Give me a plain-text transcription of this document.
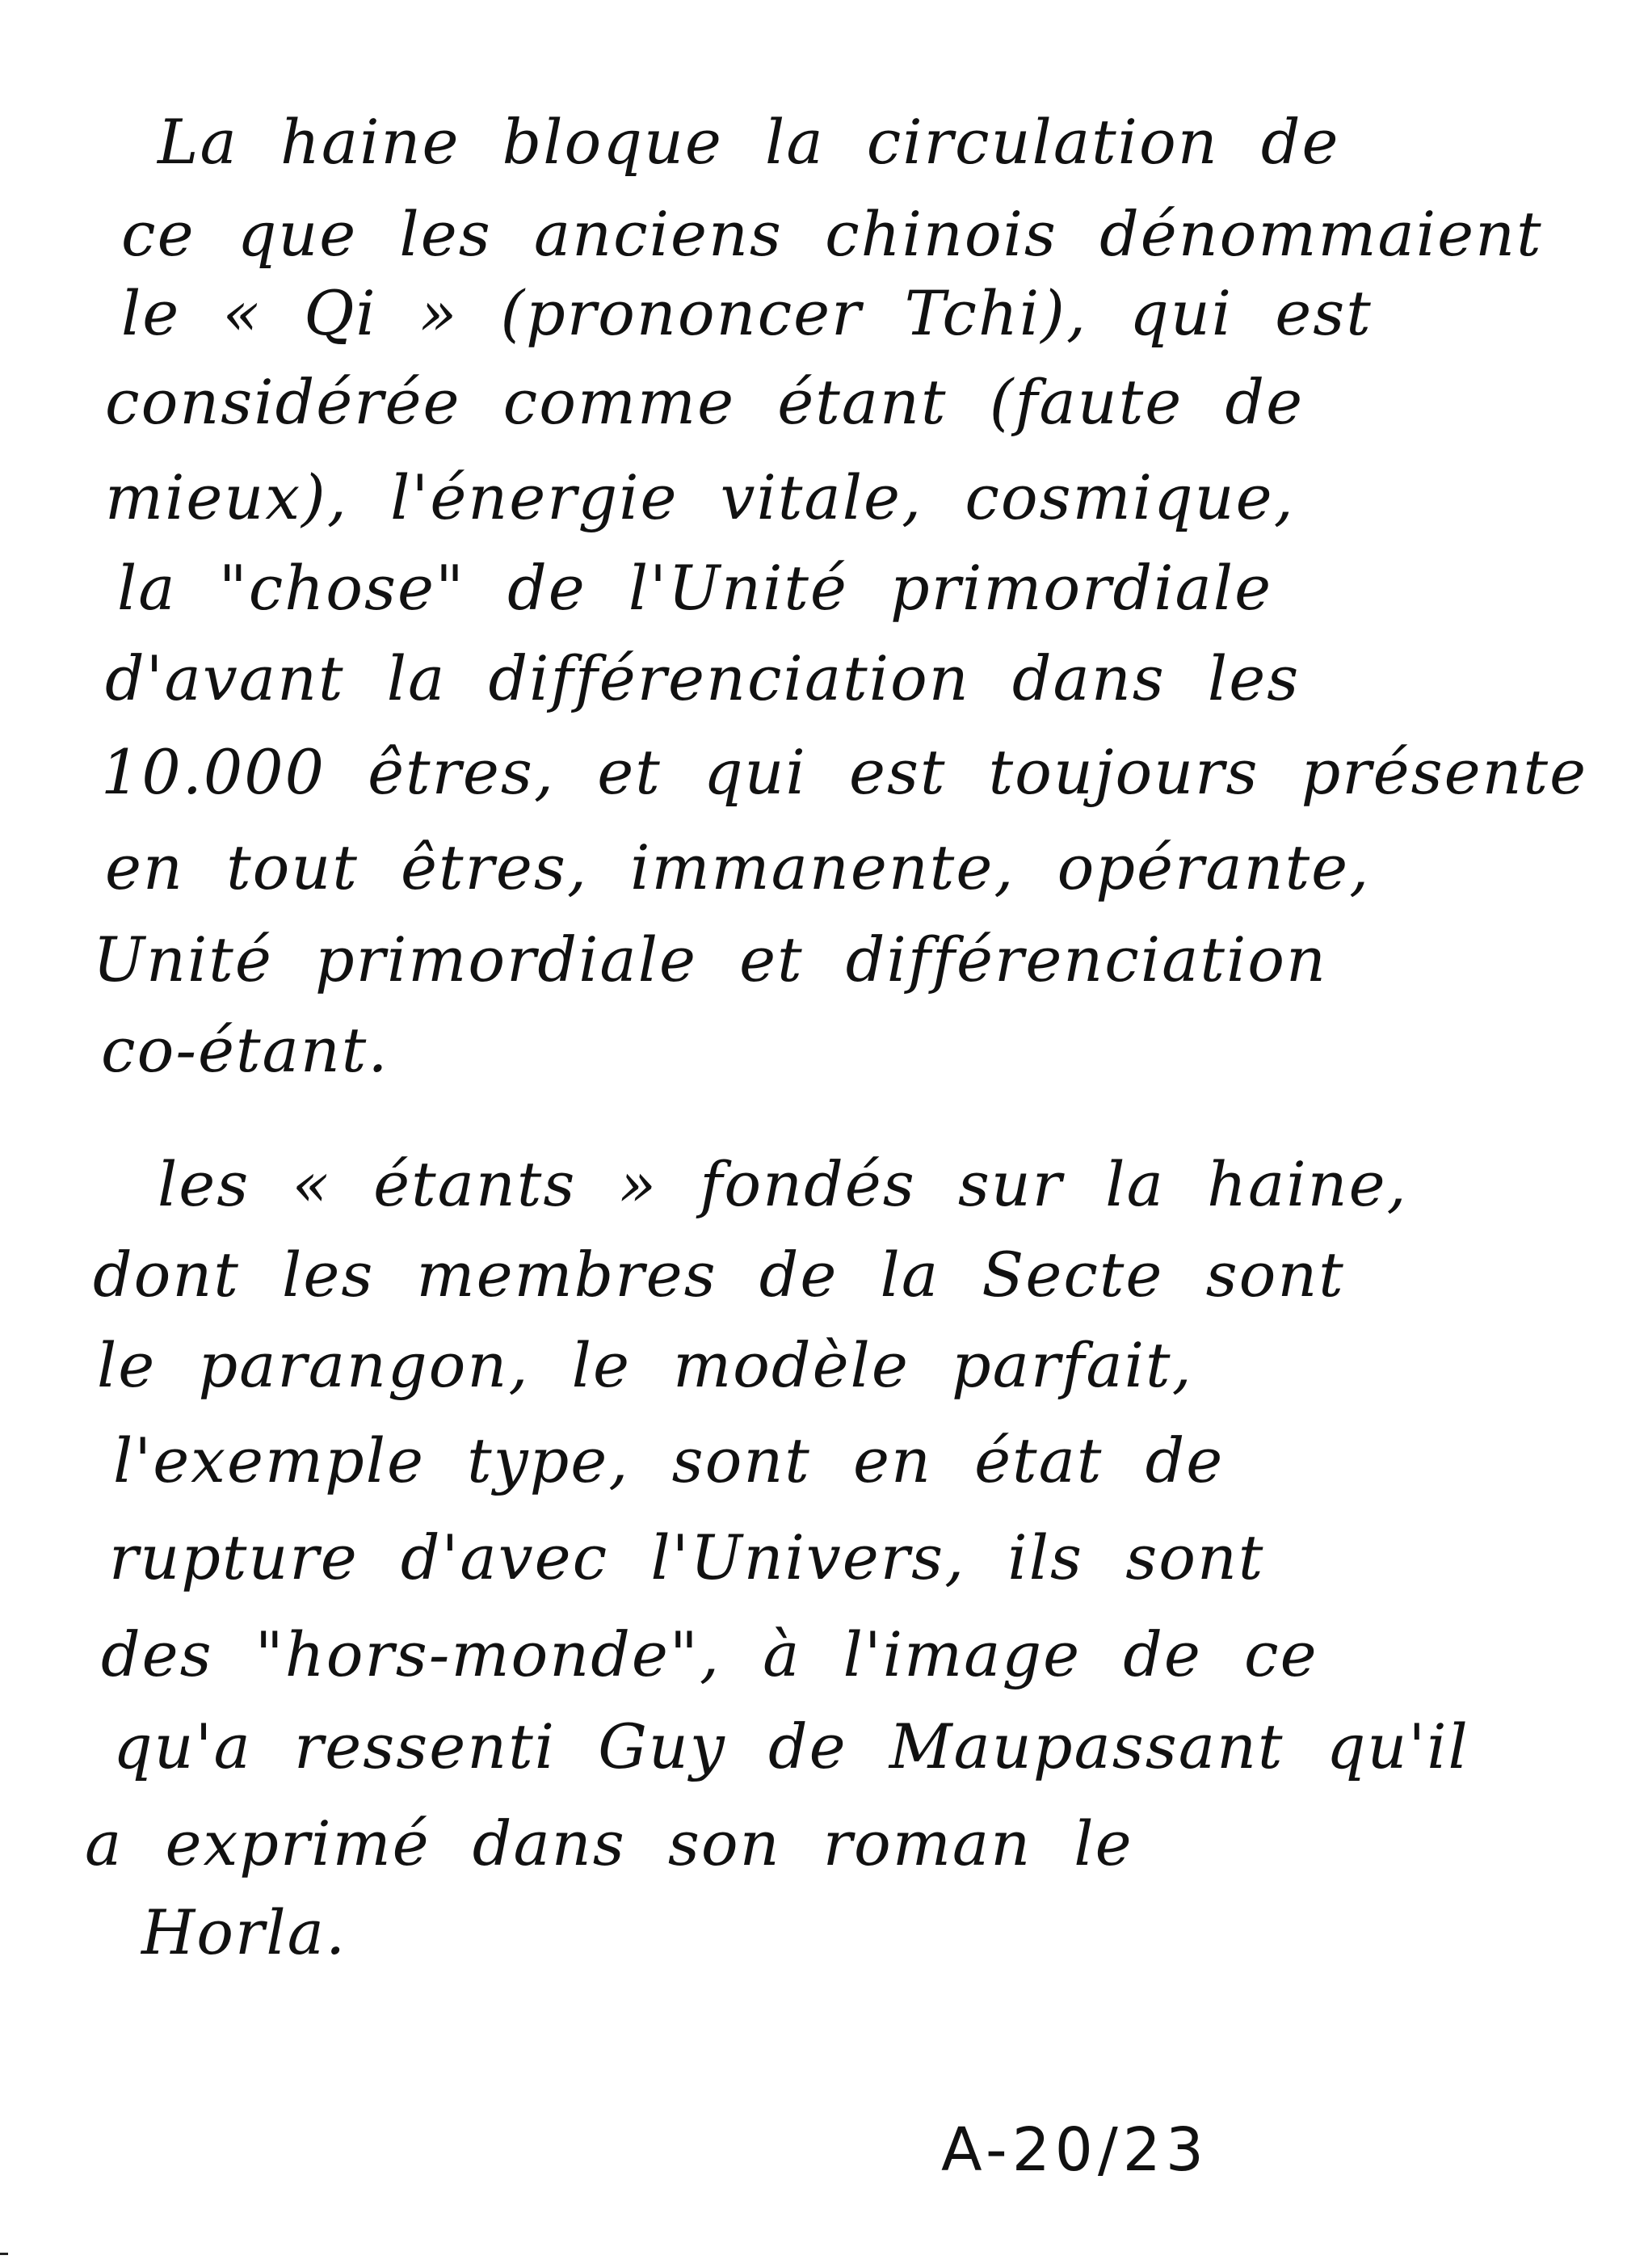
La haine bloque la circulation de
ce que les anciens chinois dénommaient
le « Qi » (prononcer Tchi), qui est
considérée comme étant (faute de
mieux), l'énergie vitale, cosmique,
la "chose" de l'Unité primordiale
d'avant la différenciation dans les
10.000 êtres, et qui est toujours présente
en tout êtres, immanente, opérante,
Unité primordiale et différenciation
co-étant.
les « étants » fondés sur la haine,
dont les membres de la Secte sont
le parangon, le modèle parfait,
l'exemple type, sont en état de
rupture d'avec l'Univers, ils sont
des "hors-monde", à l'image de ce
qu'a ressenti Guy de Maupassant qu'il
a exprimé dans son roman le
Horla.
A-20/23
